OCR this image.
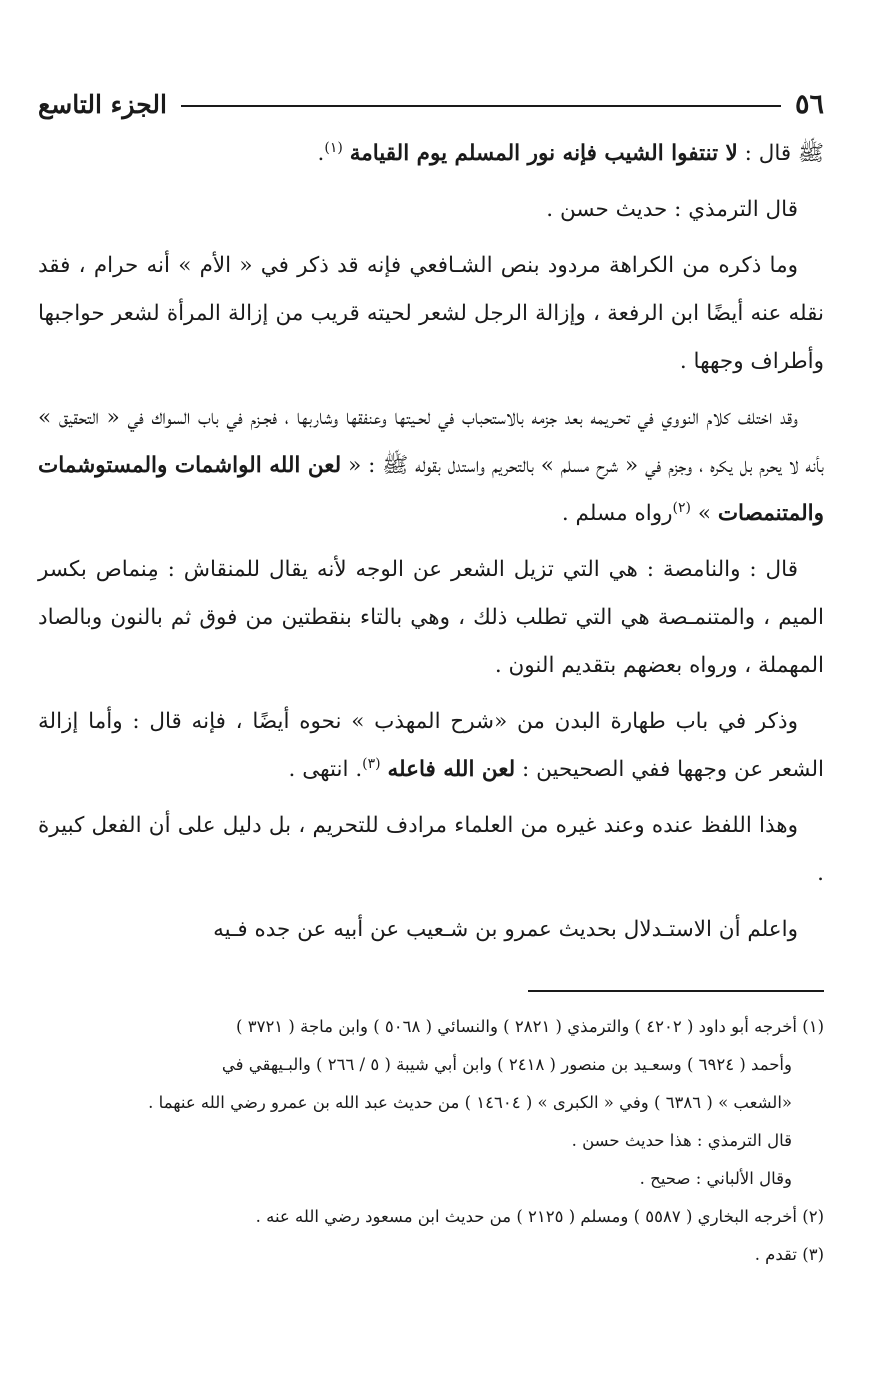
٥٦
الجزء التاسع

ﷺ قال : لا تنتفوا الشيب فإنه نور المسلم يوم القيامة $^{(١)}$.

قال الترمذي : حديث حسن .

وما ذكره من الكراهة مردود بنص الشـافعي فإنه قد ذكر في « الأم » أنه حرام ، فقد نقله عنه أيضًا ابن الرفعة ، وإزالة الرجل لشعر لحيته قريب من إزالة المرأة لشعر حواجبها وأطراف وجهها .

وقد اختلف كلام النووي في تحـريمه بعد جزمه بالاستحباب في لحـيتها وعنفقها وشاربها ، فجـزم في باب السواك في « التحقيق » بأنه لا يحرم بل يكره ، وجزم في « شرح مسلم » بالتحريم واستدل بقوله ﷺ : « لعن الله الواشمات والمستوشمات والمتنمصات » $^{(٢)}$رواه مسلم .

قال : والنامصة : هي التي تزيل الشعر عن الوجه لأنه يقال للمنقاش : مِنماص بكسر الميم ، والمتنمـصة هي التي تطلب ذلك ، وهي بالتاء بنقطتين من فوق ثم بالنون وبالصاد المهملة ، ورواه بعضهم بتقديم النون .

وذكر في باب طهارة البدن من «شرح المهذب » نحوه أيضًا ، فإنه قال : وأما إزالة الشعر عن وجهها ففي الصحيحين : لعن الله فاعله $^{(٣)}$. انتهى .

وهذا اللفظ عنده وعند غيره من العلماء مرادف للتحريم ، بل دليل على أن الفعل كبيرة .

واعلم أن الاستـدلال بحديث عمرو بن شـعيب عن أبيه عن جده فـيه

(١) أخرجه أبو داود ( ٤٢٠٢ ) والترمذي ( ٢٨٢١ ) والنسائي ( ٥٠٦٨ ) وابن ماجة ( ٣٧٢١ )

وأحمد ( ٦٩٢٤ ) وسعـيد بن منصور ( ٢٤١٨ ) وابن أبي شيبة ( ٥ / ٢٦٦ ) والبـيهقي في

«الشعب » ( ٦٣٨٦ ) وفي « الكبرى » ( ١٤٦٠٤ ) من حديث عبد الله بن عمرو رضي الله عنهما .

قال الترمذي : هذا حديث حسن .

وقال الألباني : صحيح .

(٢) أخرجه البخاري ( ٥٥٨٧ ) ومسلم ( ٢١٢٥ ) من حديث ابن مسعود رضي الله عنه .

(٣) تقدم .
